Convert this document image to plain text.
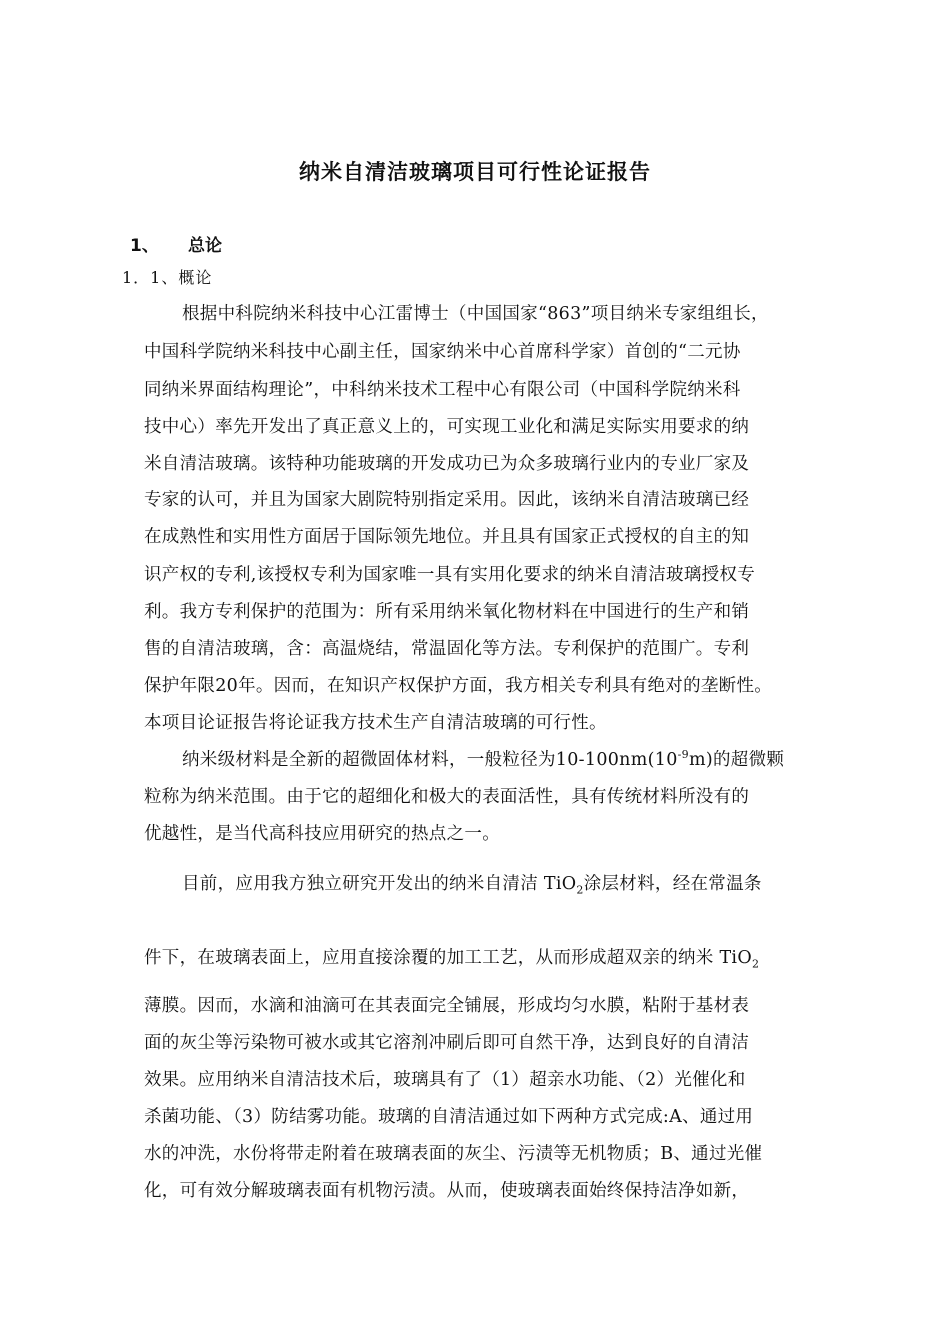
纳米自清洁玻璃项目可行性论证报告
1、 总论
1．1、概论
根据中科院纳米科技中心江雷博士（中国国家“863”项目纳米专家组组长，
中国科学院纳米科技中心副主任，国家纳米中心首席科学家）首创的“二元协
同纳米界面结构理论”，中科纳米技术工程中心有限公司（中国科学院纳米科
技中心）率先开发出了真正意义上的，可实现工业化和满足实际实用要求的纳
米自清洁玻璃。该特种功能玻璃的开发成功已为众多玻璃行业内的专业厂家及
专家的认可，并且为国家大剧院特别指定采用。因此，该纳米自清洁玻璃已经
在成熟性和实用性方面居于国际领先地位。并且具有国家正式授权的自主的知
识产权的专利,该授权专利为国家唯一具有实用化要求的纳米自清洁玻璃授权专
利。我方专利保护的范围为：所有采用纳米氧化物材料在中国进行的生产和销
售的自清洁玻璃，含：高温烧结，常温固化等方法。专利保护的范围广。专利
保护年限20年。因而，在知识产权保护方面，我方相关专利具有绝对的垄断性。
本项目论证报告将论证我方技术生产自清洁玻璃的可行性。
纳米级材料是全新的超微固体材料，一般粒径为$10-100nm(10^{-9}m)$的超微颗
粒称为纳米范围。由于它的超细化和极大的表面活性，具有传统材料所没有的
优越性，是当代高科技应用研究的热点之一。
目前，应用我方独立研究开发出的纳米自清洁 TiO$_2$涂层材料，经在常温条
件下，在玻璃表面上，应用直接涂覆的加工工艺，从而形成超双亲的纳米 TiO$_2$
薄膜。因而，水滴和油滴可在其表面完全铺展，形成均匀水膜，粘附于基材表
面的灰尘等污染物可被水或其它溶剂冲刷后即可自然干净，达到良好的自清洁
效果。应用纳米自清洁技术后，玻璃具有了（1）超亲水功能、（2）光催化和
杀菌功能、（3）防结雾功能。玻璃的自清洁通过如下两种方式完成:A、通过用
水的冲洗，水份将带走附着在玻璃表面的灰尘、污渍等无机物质；B、通过光催
化，可有效分解玻璃表面有机物污渍。从而，使玻璃表面始终保持洁净如新，
